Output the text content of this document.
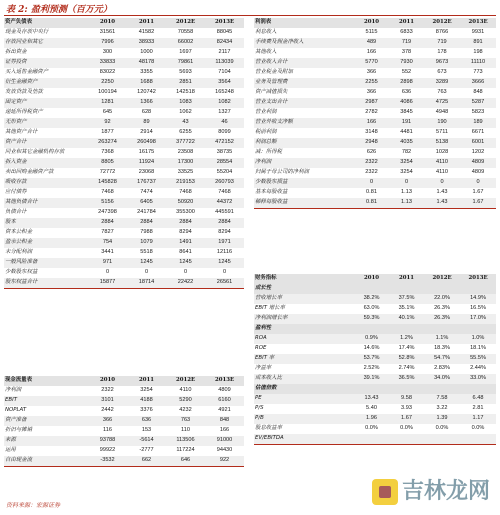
表 2: 盈利预测（百万元）
资产负债表	2010	2011	2012E	2013E
现金及存放中央行	31561	41582	70558	88045
存放同业和其它	7996	38933	66002	82434
拆出资金	300	1000	1697	2117
证券投资	33833	48178	79861	113039
买入返售金融资产	83022	3355	5693	7104
衍生金融资产	2250	1688	2851	3564
发放贷款及垫款	100194	120742	142518	165248
固定资产	1281	1366	1083	1082
递延所得税资产	645	628	1062	1327
无形资产	92	89	43	46
其他资产合计	1877	2914	6255	8099
资产合计	263274	260498	377722	472152
同业和其它金融机构存放	7368	16175	23508	38735
拆入资金	8805	11924	17300	28554
卖出回购金融资产款	72772	23068	33525	55204
吸收存款	145828	176737	219153	260793
应付债券	7468	7474	7468	7468
其他负债合计	5156	6405	50920	44372
负债合计	247398	241784	355300	445591
股本	2884	2884	2884	2884
资本公积金	7827	7988	8294	8294
盈余公积金	754	1079	1491	1971
未分配利润	3441	5518	8641	12116
一般风险准备	971	1245	1245	1245
少数股东权益	0	0	0	0
股东权益合计	15877	18714	22422	26561
利润表	2010	2011	2012E	2013E
利息收入	5115	6833	8766	9931
手续费及佣金净收入	489	719	719	891
其他收入	166	378	178	198
营业收入合计	5770	7930	9673	11110
营业税金及附加	366	552	673	773
业务及管理费	2255	2898	3289	3666
资产减值损失	366	636	763	848
营业支出合计	2987	4086	4725	5287
营业利润	2782	3845	4948	5823
营业外收支净额	166	191	190	189
税前利润	3148	4481	5711	6671
利润总额	2948	4035	5138	6001
减：所得税	626	782	1028	1202
净利润	2322	3254	4110	4809
归属于母公司的净利润	2322	3254	4110	4809
少数股东损益	0	0	0	0
基本每股收益	0.81	1.13	1.43	1.67
稀释每股收益	0.81	1.13	1.43	1.67
财务指标	2010	2011	2012E	2013E
成长性				
营收增长率	38.2%	37.5%	22.0%	14.9%
EBIT 增长率	63.0%	35.1%	26.3%	16.5%
净利润增长率	59.3%	40.1%	26.3%	17.0%
盈利性				
ROA	0.9%	1.2%	1.1%	1.0%
ROE	14.6%	17.4%	18.3%	18.1%
EBIT 率	53.7%	52.8%	54.7%	55.5%
净益率	2.52%	2.74%	2.83%	2.44%
成本收入比	39.1%	36.5%	34.0%	33.0%
估值倍数				
PE	13.43	9.58	7.58	6.48
P/S	5.40	3.93	3.22	2.81
P/B	1.96	1.67	1.39	1.17
股息收益率	0.0%	0.0%	0.0%	0.0%
EV/EBITDA				
现金流量表	2010	2011	2012E	2013E
净利润	2322	3254	4110	4809
EBIT	3101	4188	5290	6160
NOPLAT	2442	3376	4232	4921
资产准备	366	636	763	848
折旧与摊销	116	153	110	166
来源	93788	-5614	113506	91000
运用	99922	-2777	117224	94430
自由现金流	-3532	662	646	922
吉林龙网
资料来源：宏源证券
